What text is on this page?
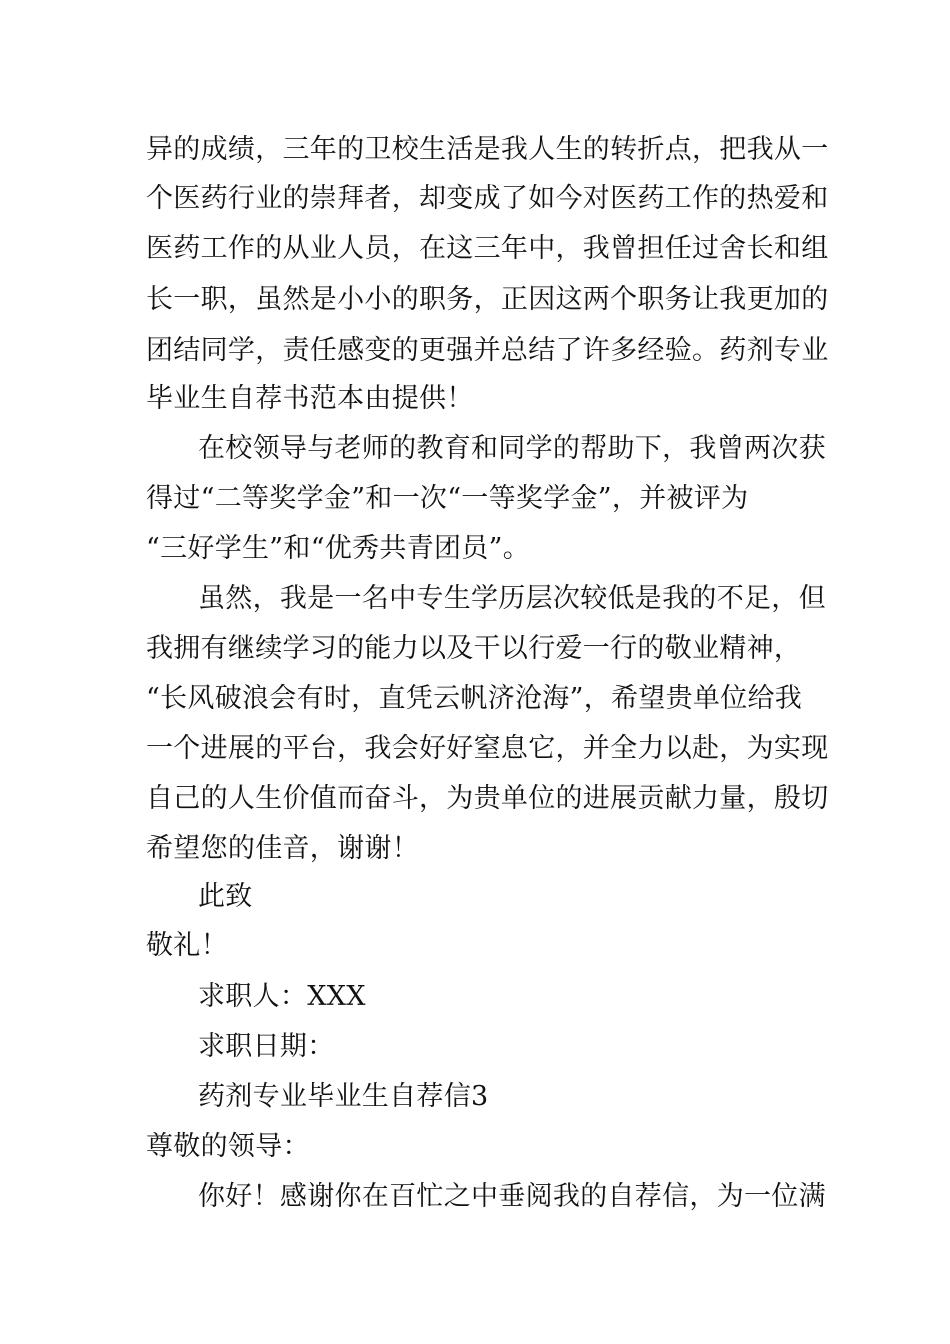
异的成绩，三年的卫校生活是我人生的转折点，把我从一
个医药行业的崇拜者，却变成了如今对医药工作的热爱和
医药工作的从业人员，在这三年中，我曾担任过舍长和组
长一职，虽然是小小的职务，正因这两个职务让我更加的
团结同学，责任感变的更强并总结了许多经验。药剂专业
毕业生自荐书范本由提供！
在校领导与老师的教育和同学的帮助下，我曾两次获
得过“二等奖学金”和一次“一等奖学金”，并被评为
“三好学生”和“优秀共青团员”。
虽然，我是一名中专生学历层次较低是我的不足，但
我拥有继续学习的能力以及干以行爱一行的敬业精神，
“长风破浪会有时，直凭云帆济沧海”，希望贵单位给我
一个进展的平台，我会好好窒息它，并全力以赴，为实现
自己的人生价值而奋斗，为贵单位的进展贡献力量，殷切
希望您的佳音，谢谢！
此致
敬礼！
求职人：XXX
求职日期：
药剂专业毕业生自荐信3
尊敬的领导：
你好！感谢你在百忙之中垂阅我的自荐信，为一位满
